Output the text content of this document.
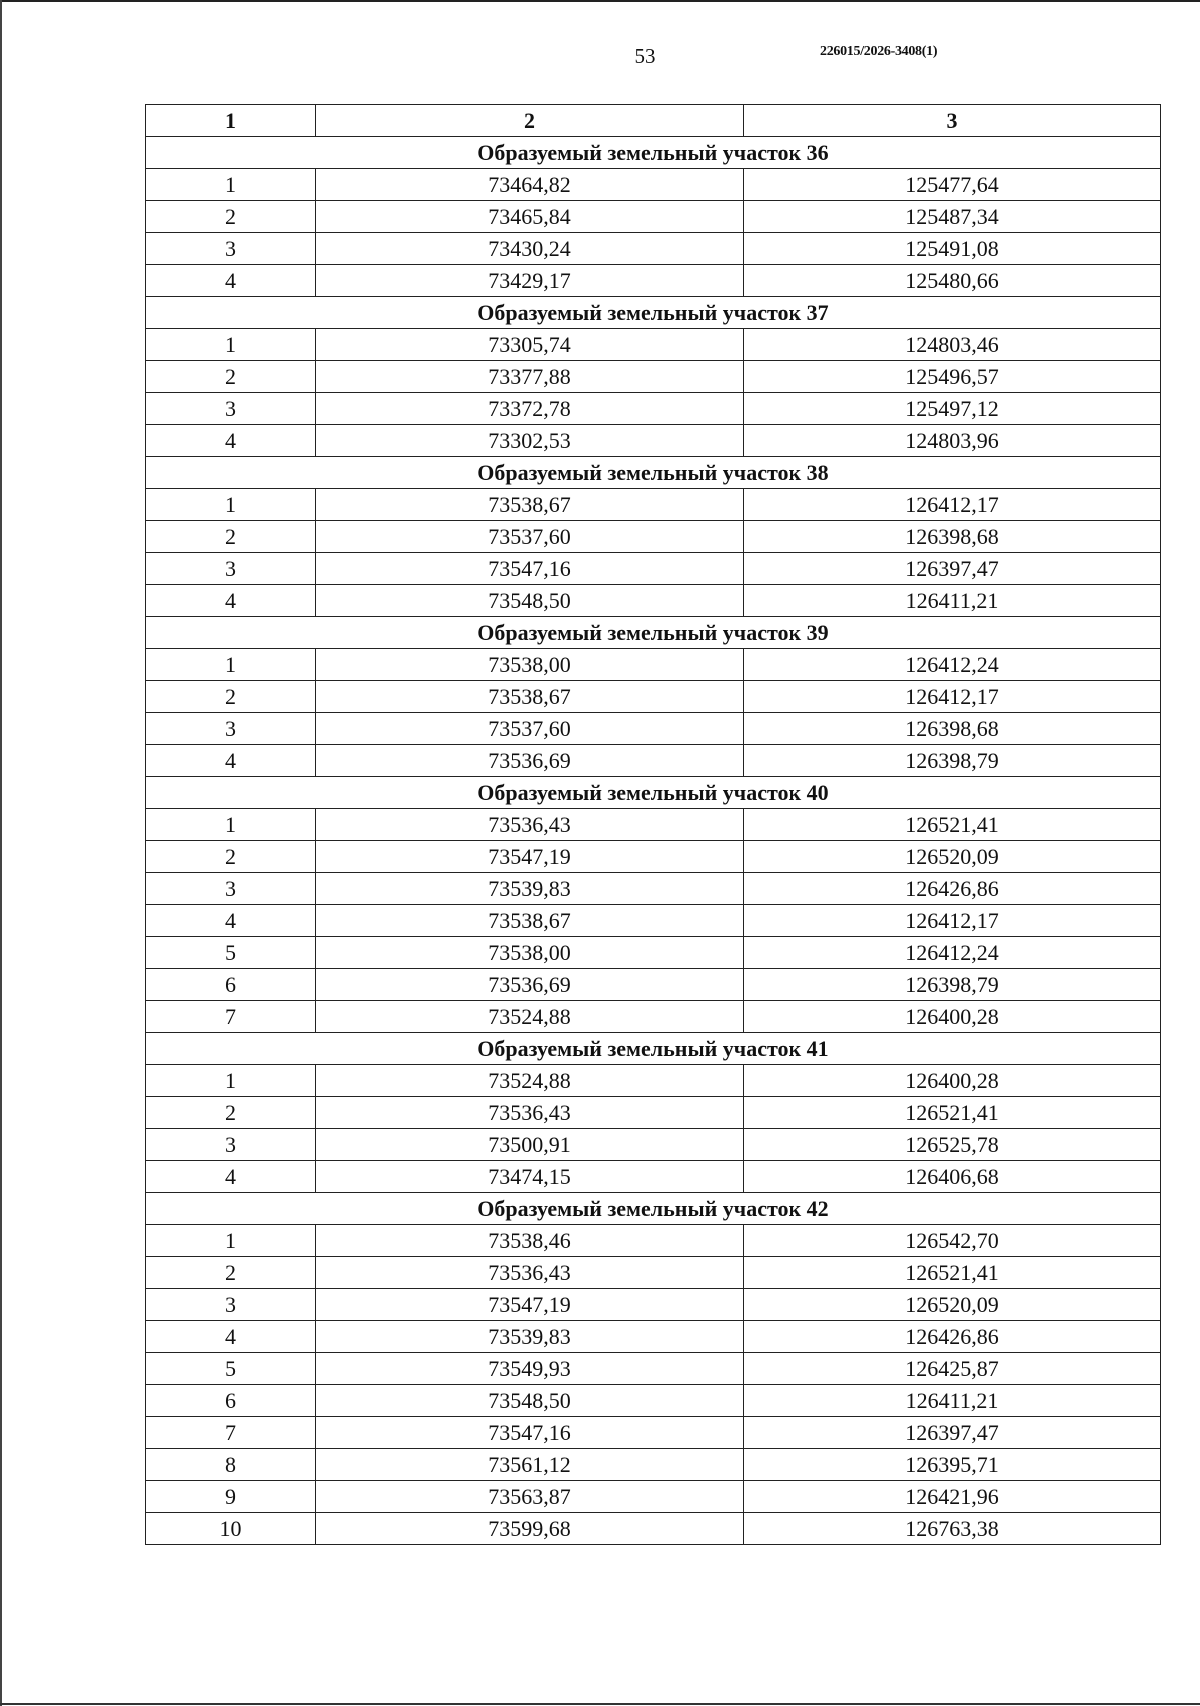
53	226015/2026-3408(1)
1	2	3
Образуемый земельный участок 36		
1	73464,82	125477,64
2	73465,84	125487,34
3	73430,24	125491,08
4	73429,17	125480,66
Образуемый земельный участок 37		
1	73305,74	124803,46
2	73377,88	125496,57
3	73372,78	125497,12
4	73302,53	124803,96
Образуемый земельный участок 38		
1	73538,67	126412,17
2	73537,60	126398,68
3	73547,16	126397,47
4	73548,50	126411,21
Образуемый земельный участок 39		
1	73538,00	126412,24
2	73538,67	126412,17
3	73537,60	126398,68
4	73536,69	126398,79
Образуемый земельный участок 40		
1	73536,43	126521,41
2	73547,19	126520,09
3	73539,83	126426,86
4	73538,67	126412,17
5	73538,00	126412,24
6	73536,69	126398,79
7	73524,88	126400,28
Образуемый земельный участок 41		
1	73524,88	126400,28
2	73536,43	126521,41
3	73500,91	126525,78
4	73474,15	126406,68
Образуемый земельный участок 42		
1	73538,46	126542,70
2	73536,43	126521,41
3	73547,19	126520,09
4	73539,83	126426,86
5	73549,93	126425,87
6	73548,50	126411,21
7	73547,16	126397,47
8	73561,12	126395,71
9	73563,87	126421,96
10	73599,68	126763,38
